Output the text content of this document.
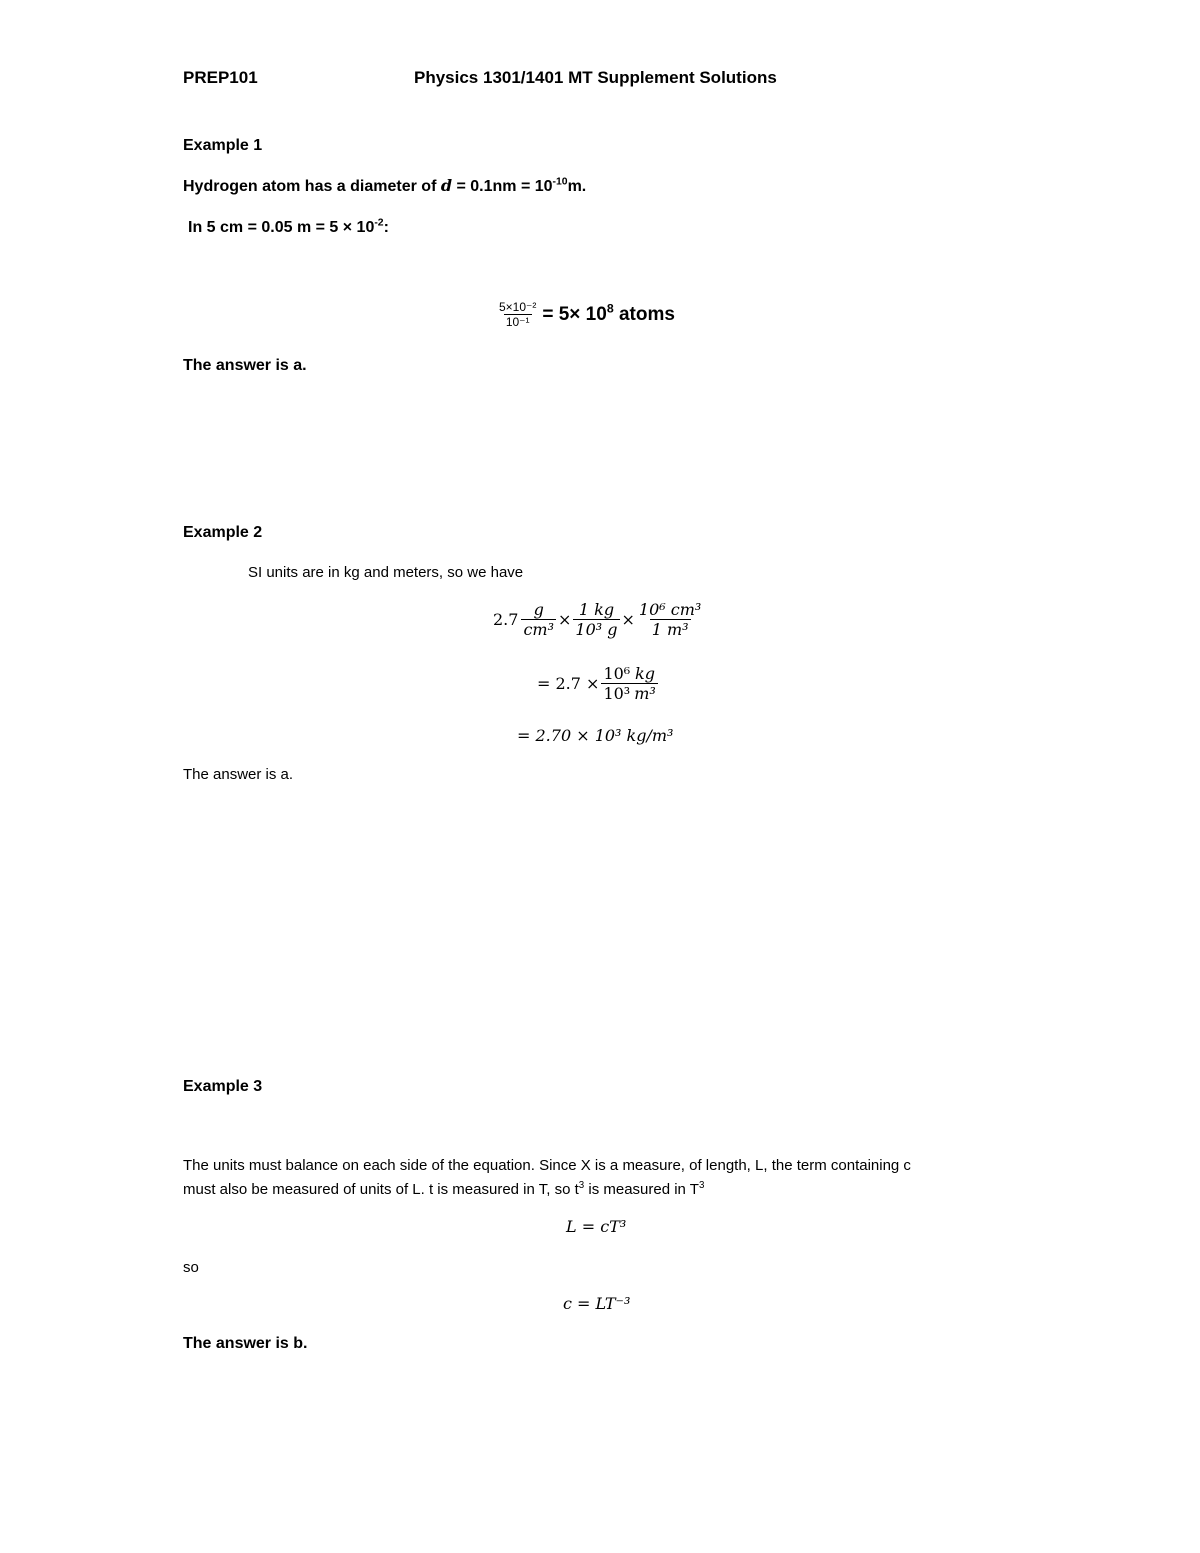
PREP101	Physics 1301/1401 MT Supplement Solutions
Example 1
Hydrogen atom has a diameter of $d = 0.1nm = 10^{-10}m$.
In 5 cm = 0.05 $m = 5 \times 10^{-2}$:
$\frac{\text{5×10⁻²}}{\text{10⁻¹}} = 5\times 10^8$ atoms
The answer is a.
Example 2
SI units are in kg and meters, so we have
$2.7 \frac{g}{\text{cm³}} \times \frac{1 kg}{\text{10³ g}} \times \frac{\text{10⁶ cm³}}{\text{1 m³}}$
= $2.7 \times \frac{\text{10⁶}}{\text{10³}} \frac{kg}{\text{m³}}$
= 2.70 × 10³ kg/m³
The answer is a.
Example 3
The units must balance on each side of the equation. Since X is a measure, of length, L, the term containing c
must also be measured of units of L. t is measured in T, so $t^3$ is measured in $T^3$
L = cT³
so
c = LT⁻³
The answer is b.
